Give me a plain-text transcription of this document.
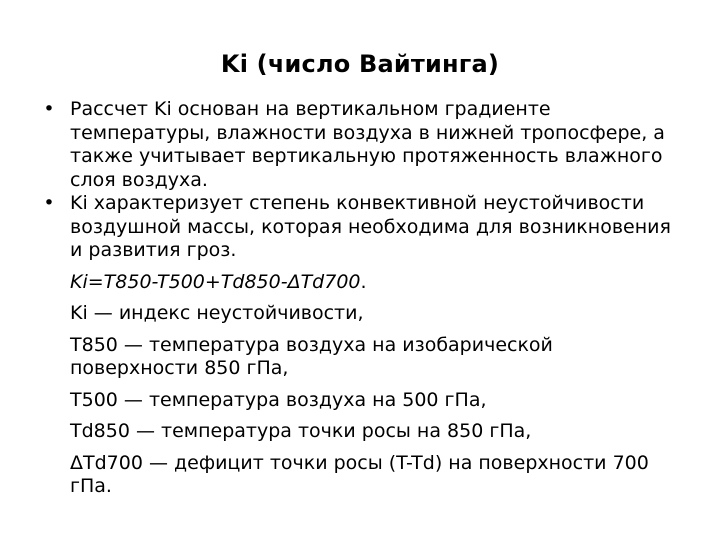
Ki (число Вайтинга)
• Рассчет Ki основан на вертикальном градиенте температуры, влажности воздуха в нижней тропосфере, а также учитывает вертикальную протяженность влажного слоя воздуха.
• Ki характеризует степень конвективной неустойчивости воздушной массы, которая необходима для возникновения и развития гроз.
Ki=T850-T500+Td850-ΔTd700.
Ki — индекс неустойчивости,
T850 — температура воздуха на изобарической поверхности 850 гПа,
T500 — температура воздуха на 500 гПа,
Td850 — температура точки росы на 850 гПа,
ΔTd700 — дефицит точки росы (T-Td) на поверхности 700 гПа.
